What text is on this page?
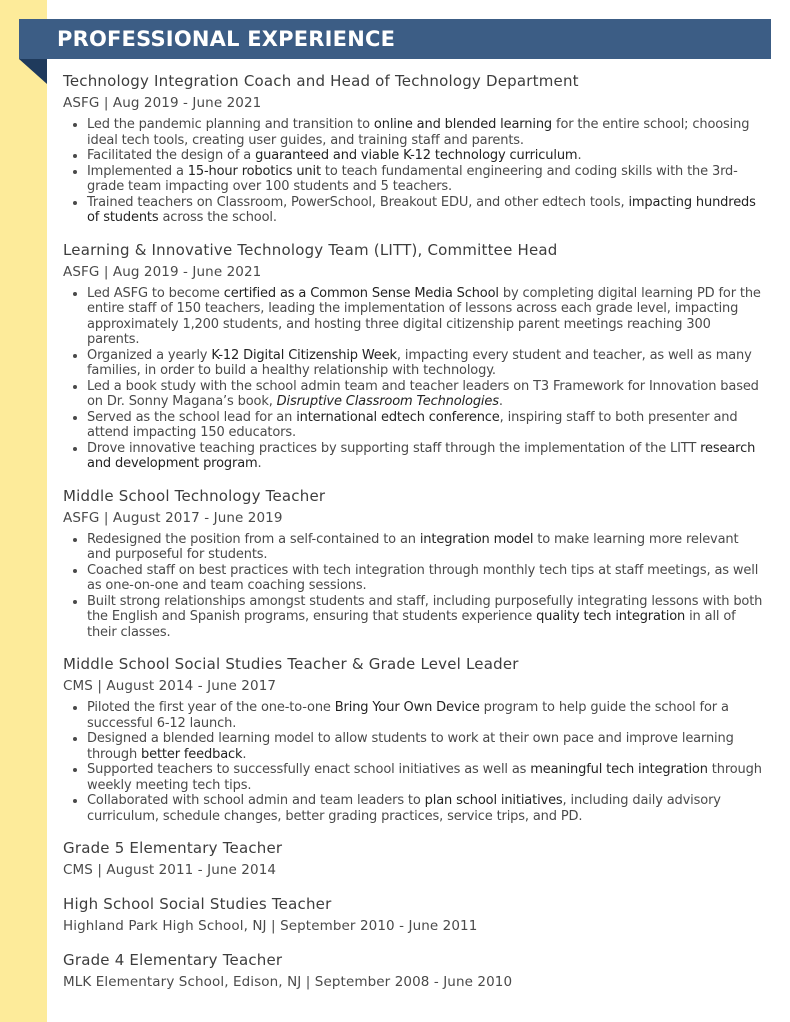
PROFESSIONAL EXPERIENCE
Technology Integration Coach and Head of Technology Department
ASFG | Aug 2019 - June 2021
• Led the pandemic planning and transition to online and blended learning for the entire school; choosing ideal tech tools, creating user guides, and training staff and parents.
• Facilitated the design of a guaranteed and viable K-12 technology curriculum.
• Implemented a 15-hour robotics unit to teach fundamental engineering and coding skills with the 3rd-grade team impacting over 100 students and 5 teachers.
• Trained teachers on Classroom, PowerSchool, Breakout EDU, and other edtech tools, impacting hundreds of students across the school.
Learning & Innovative Technology Team (LITT), Committee Head
ASFG | Aug 2019 - June 2021
• Led ASFG to become certified as a Common Sense Media School by completing digital learning PD for the entire staff of 150 teachers, leading the implementation of lessons across each grade level, impacting approximately 1,200 students, and hosting three digital citizenship parent meetings reaching 300 parents.
• Organized a yearly K-12 Digital Citizenship Week, impacting every student and teacher, as well as many families, in order to build a healthy relationship with technology.
• Led a book study with the school admin team and teacher leaders on T3 Framework for Innovation based on Dr. Sonny Magana’s book, Disruptive Classroom Technologies.
• Served as the school lead for an international edtech conference, inspiring staff to both presenter and attend impacting 150 educators.
• Drove innovative teaching practices by supporting staff through the implementation of the LITT research and development program.
Middle School Technology Teacher
ASFG | August 2017 - June 2019
• Redesigned the position from a self-contained to an integration model to make learning more relevant and purposeful for students.
• Coached staff on best practices with tech integration through monthly tech tips at staff meetings, as well as one-on-one and team coaching sessions.
• Built strong relationships amongst students and staff, including purposefully integrating lessons with both the English and Spanish programs, ensuring that students experience quality tech integration in all of their classes.
Middle School Social Studies Teacher & Grade Level Leader
CMS | August 2014 - June 2017
• Piloted the first year of the one-to-one Bring Your Own Device program to help guide the school for a successful 6-12 launch.
• Designed a blended learning model to allow students to work at their own pace and improve learning through better feedback.
• Supported teachers to successfully enact school initiatives as well as meaningful tech integration through weekly meeting tech tips.
• Collaborated with school admin and team leaders to plan school initiatives, including daily advisory curriculum, schedule changes, better grading practices, service trips, and PD.
Grade 5 Elementary Teacher
CMS | August 2011 - June 2014
High School Social Studies Teacher
Highland Park High School, NJ | September 2010 - June 2011
Grade 4 Elementary Teacher
MLK Elementary School, Edison, NJ | September 2008 - June 2010
